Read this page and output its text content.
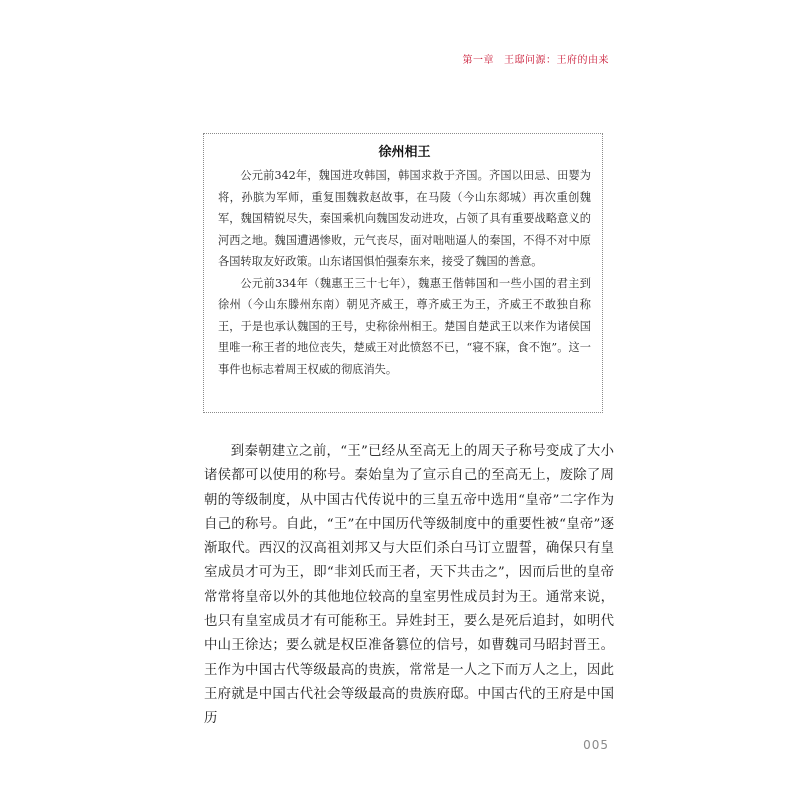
第一章 王邸问源：王府的由来
徐州相王

公元前342年，魏国进攻韩国，韩国求救于齐国。齐国以田忌、田婴为将，孙膑为军师，重复围魏救赵故事，在马陵（今山东郯城）再次重创魏军，魏国精锐尽失，秦国乘机向魏国发动进攻，占领了具有重要战略意义的河西之地。魏国遭遇惨败，元气丧尽，面对咄咄逼人的秦国，不得不对中原各国转取友好政策。山东诸国惧怕强秦东来，接受了魏国的善意。

公元前334年（魏惠王三十七年），魏惠王偕韩国和一些小国的君主到徐州（今山东滕州东南）朝见齐威王，尊齐威王为王，齐威王不敢独自称王，于是也承认魏国的王号，史称徐州相王。楚国自楚武王以来作为诸侯国里唯一称王者的地位丧失，楚威王对此愤怒不已，“寝不寐，食不饱”。这一事件也标志着周王权威的彻底消失。

到秦朝建立之前，“王”已经从至高无上的周天子称号变成了大小诸侯都可以使用的称号。秦始皇为了宣示自己的至高无上，废除了周朝的等级制度，从中国古代传说中的三皇五帝中选用“皇帝”二字作为自己的称号。自此，“王”在中国历代等级制度中的重要性被“皇帝”逐渐取代。西汉的汉高祖刘邦又与大臣们杀白马订立盟誓，确保只有皇室成员才可为王，即“非刘氏而王者，天下共击之”，因而后世的皇帝常常将皇帝以外的其他地位较高的皇室男性成员封为王。通常来说，也只有皇室成员才有可能称王。异姓封王，要么是死后追封，如明代中山王徐达；要么就是权臣准备篡位的信号，如曹魏司马昭封晋王。王作为中国古代等级最高的贵族，常常是一人之下而万人之上，因此王府就是中国古代社会等级最高的贵族府邸。中国古代的王府是中国历

005
